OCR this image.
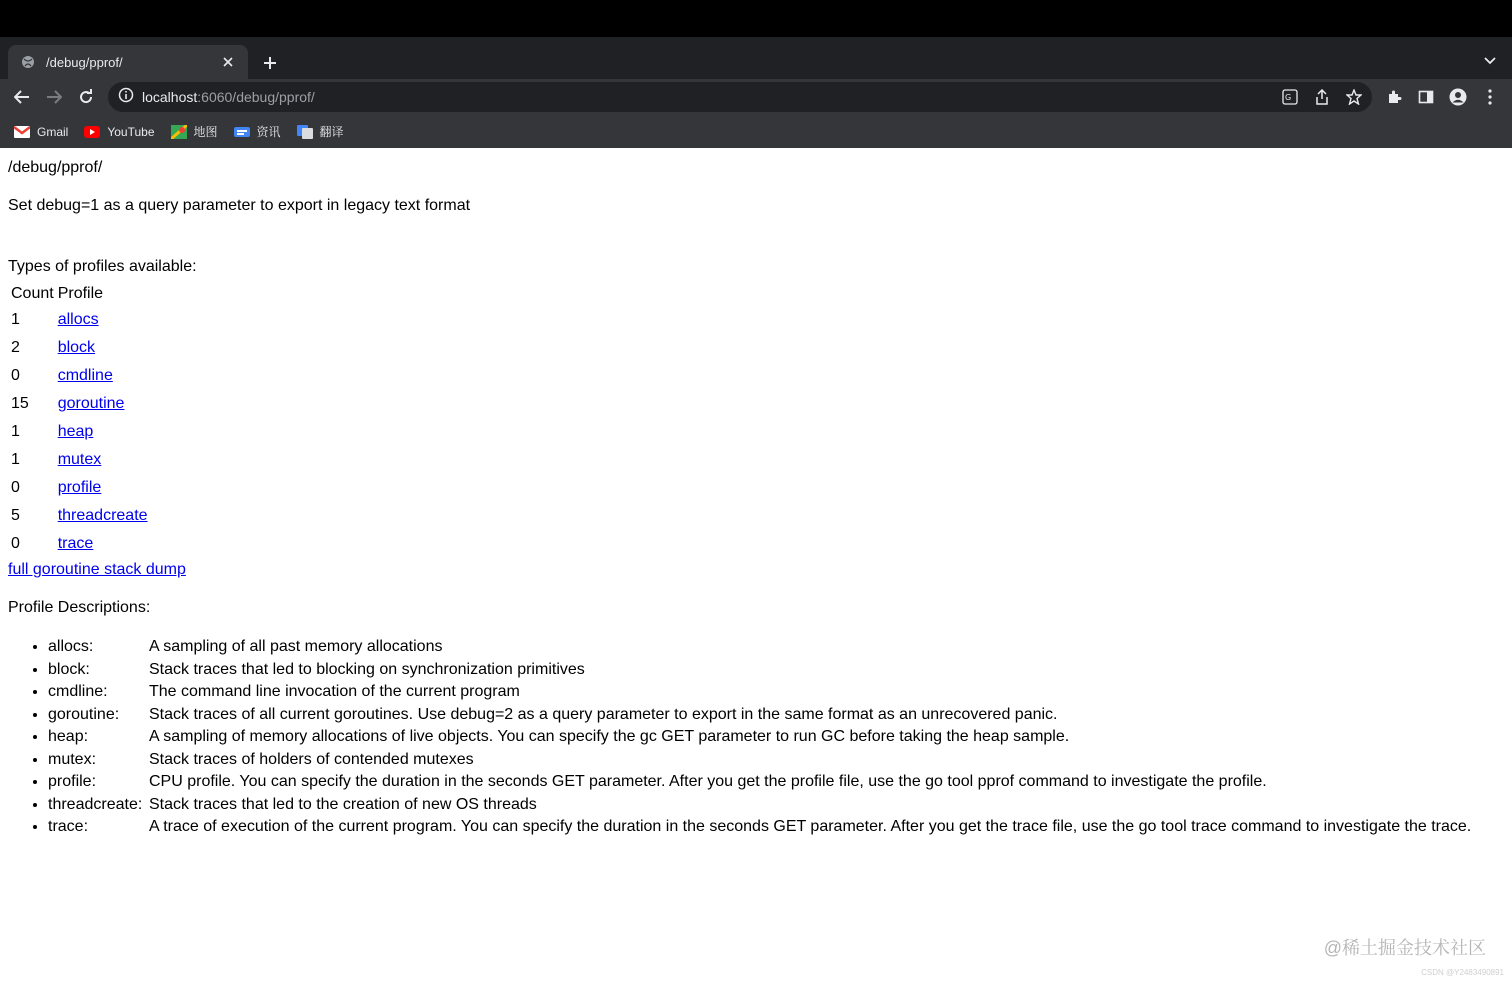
/debug/pprof/
localhost :6060/debug/pprof/	G
Gmail	YouTube	地图	资讯	翻译
/debug/pprof/
Set debug=1 as a query parameter to export in legacy text format
Types of profiles available:
Count	Profile
1	allocs
2	block
0	cmdline
15	goroutine
1	heap
1	mutex
0	profile
5	threadcreate
0	trace
full goroutine stack dump
Profile Descriptions:
• allocs:	A sampling of all past memory allocations
• block:	Stack traces that led to blocking on synchronization primitives
• cmdline:	The command line invocation of the current program
• goroutine:	Stack traces of all current goroutines. Use debug=2 as a query parameter to export in the same format as an unrecovered panic.
• heap:	A sampling of memory allocations of live objects. You can specify the gc GET parameter to run GC before taking the heap sample.
• mutex:	Stack traces of holders of contended mutexes
• profile:	CPU profile. You can specify the duration in the seconds GET parameter. After you get the profile file, use the go tool pprof command to investigate the profile.
• threadcreate: Stack traces that led to the creation of new OS threads
• trace:	A trace of execution of the current program. You can specify the duration in the seconds GET parameter. After you get the trace file, use the go tool trace command to investigate the trace.
@稀土掘金技术社区
CSDN @Y2483490891
